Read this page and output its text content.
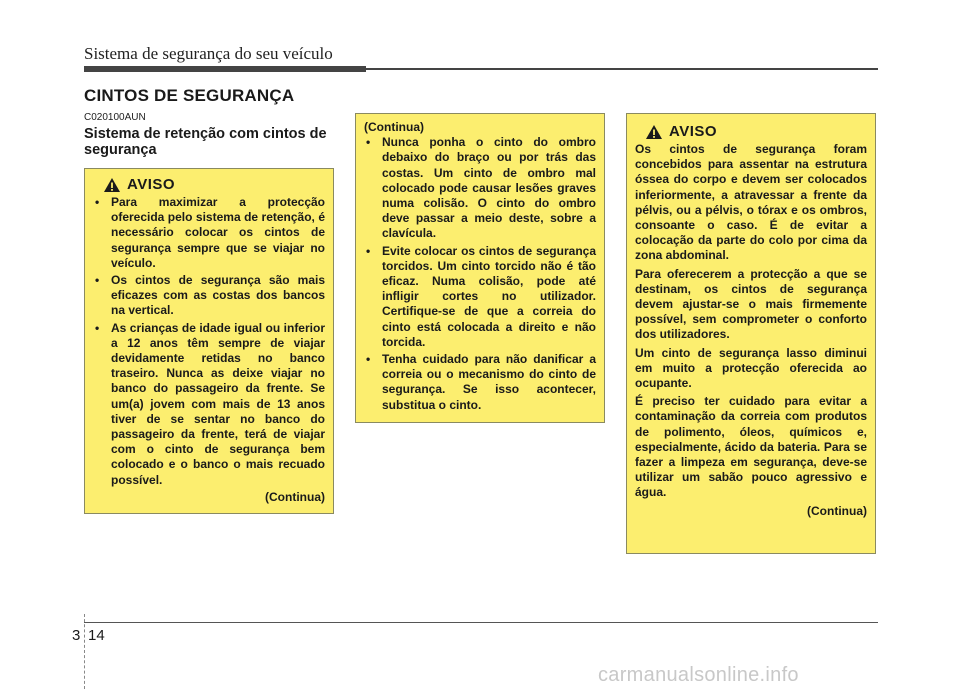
Sistema de segurança do seu veículo
CINTOS DE SEGURANÇA
C020100AUN
Sistema de retenção com cintos de segurança
AVISO
• Para maximizar a protecção oferecida pelo sistema de retenção, é necessário colocar os cintos de segurança sempre que se viajar no veículo.
• Os cintos de segurança são mais eficazes com as costas dos bancos na vertical.
• As crianças de idade igual ou inferior a 12 anos têm sempre de viajar devidamente retidas no banco traseiro. Nunca as deixe viajar no banco do passageiro da frente. Se um(a) jovem com mais de 13 anos tiver de se sentar no banco do passageiro da frente, terá de viajar com o cinto de segurança bem colocado e o banco o mais recuado possível.
(Continua)
(Continua)
• Nunca ponha o cinto do ombro debaixo do braço ou por trás das costas. Um cinto de ombro mal colocado pode causar lesões graves numa colisão. O cinto do ombro deve passar a meio deste, sobre a clavícula.
• Evite colocar os cintos de segurança torcidos. Um cinto torcido não é tão eficaz. Numa colisão, pode até infligir cortes no utilizador. Certifique-se de que a correia do cinto está colocada a direito e não torcida.
• Tenha cuidado para não danificar a correia ou o mecanismo do cinto de segurança. Se isso acontecer, substitua o cinto.
AVISO

Os cintos de segurança foram concebidos para assentar na estrutura óssea do corpo e devem ser colocados inferiormente, a atravessar a frente da pélvis, ou a pélvis, o tórax e os ombros, consoante o caso. É de evitar a colocação da parte do colo por cima da zona abdominal.

Para oferecerem a protecção a que se destinam, os cintos de segurança devem ajustar-se o mais firmemente possível, sem comprometer o conforto dos utilizadores.

Um cinto de segurança lasso diminui em muito a protecção oferecida ao ocupante.

É preciso ter cuidado para evitar a contaminação da correia com produtos de polimento, óleos, químicos e, especialmente, ácido da bateria. Para se fazer a limpeza em segurança, deve-se utilizar um sabão pouco agressivo e água.

(Continua)
3 14
carmanualsonline.info
